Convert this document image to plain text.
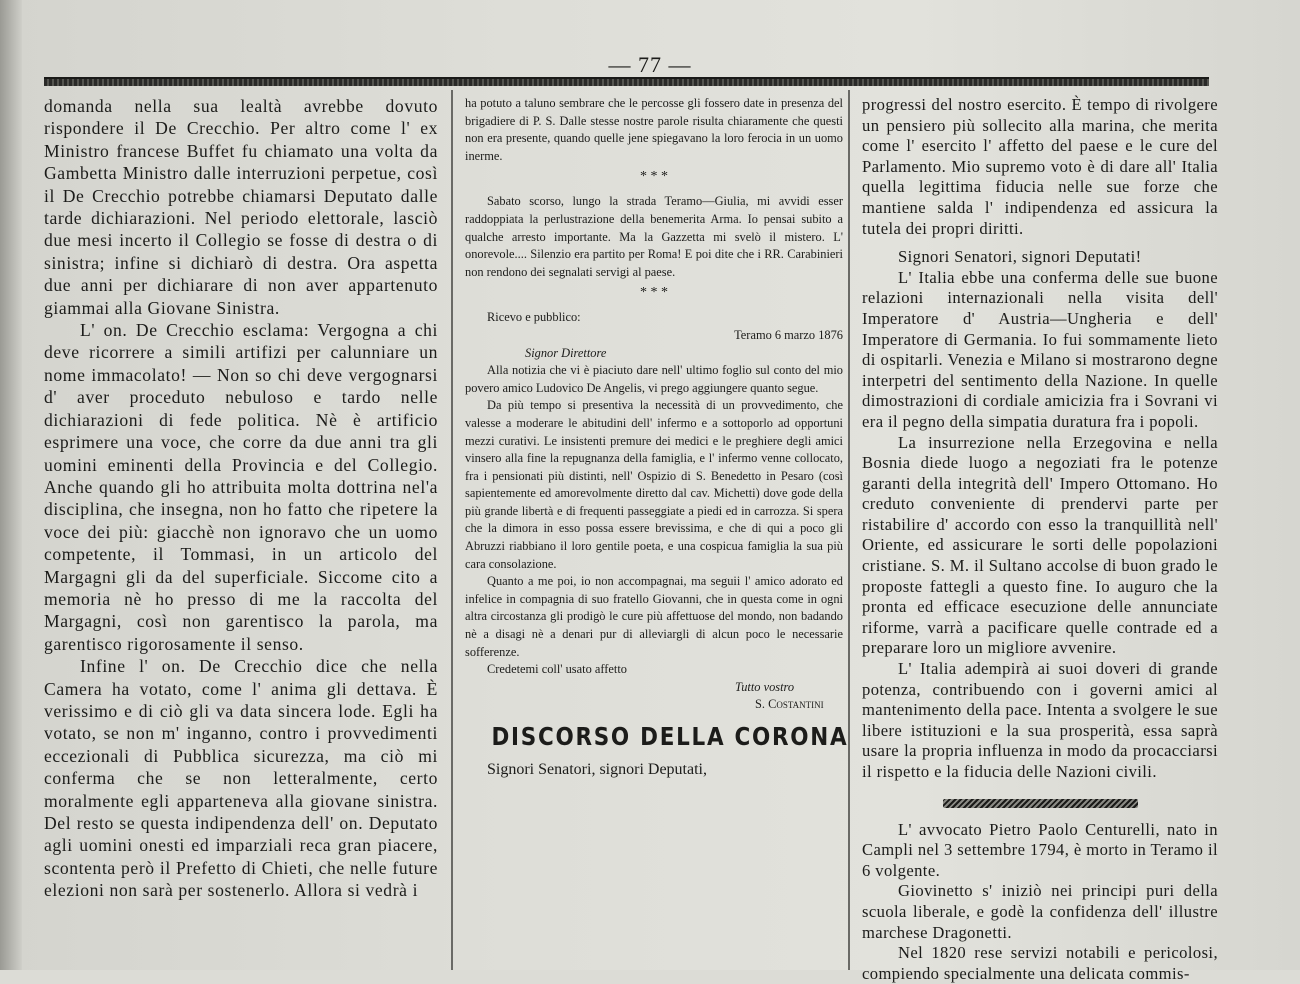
— 77 —

domanda nella sua lealtà avrebbe dovuto rispondere il De Crecchio. Per altro come l' ex Ministro francese Buffet fu chiamato una volta da Gambetta Ministro dalle interruzioni perpetue, così il De Crecchio potrebbe chiamarsi Deputato dalle tarde dichiarazioni. Nel periodo elettorale, lasciò due mesi incerto il Collegio se fosse di destra o di sinistra; infine si dichiarò di destra. Ora aspetta due anni per dichiarare di non aver appartenuto giammai alla Giovane Sinistra.

L' on. De Crecchio esclama: Vergogna a chi deve ricorrere a simili artifizi per calunniare un nome immacolato! — Non so chi deve vergognarsi d' aver proceduto nebuloso e tardo nelle dichiarazioni di fede politica. Nè è artificio esprimere una voce, che corre da due anni tra gli uomini eminenti della Provincia e del Collegio. Anche quando gli ho attribuita molta dottrina nel'a disciplina, che insegna, non ho fatto che ripetere la voce dei più: giacchè non ignoravo che un uomo competente, il Tommasi, in un articolo del Margagni gli da del superficiale. Siccome cito a memoria nè ho presso di me la raccolta del Margagni, così non garentisco la parola, ma garentisco rigorosamente il senso.

Infine l' on. De Crecchio dice che nella Camera ha votato, come l' anima gli dettava. È verissimo e di ciò gli va data sincera lode. Egli ha votato, se non m' inganno, contro i provvedimenti eccezionali di Pubblica sicurezza, ma ciò mi conferma che se non letteralmente, certo moralmente egli apparteneva alla giovane sinistra. Del resto se questa indipendenza dell' on. Deputato agli uomini onesti ed imparziali reca gran piacere, scontenta però il Prefetto di Chieti, che nelle future elezioni non sarà per sostenerlo. Allora si vedrà i

ha potuto a taluno sembrare che le percosse gli fossero date in presenza del brigadiere di P. S. Dalle stesse nostre parole risulta chiaramente che questi non era presente, quando quelle jene spiegavano la loro ferocia in un uomo inerme.

* * *

Sabato scorso, lungo la strada Teramo—Giulia, mi avvidi esser raddoppiata la perlustrazione della benemerita Arma. Io pensai subito a qualche arresto importante. Ma la Gazzetta mi svelò il mistero. L' onorevole.... Silenzio era partito per Roma! E poi dite che i RR. Carabinieri non rendono dei segnalati servigi al paese.

* * *

Ricevo e pubblico:

Teramo 6 marzo 1876

Signor Direttore

Alla notizia che vi è piaciuto dare nell' ultimo foglio sul conto del mio povero amico Ludovico De Angelis, vi prego aggiungere quanto segue.

Da più tempo si presentiva la necessità di un provvedimento, che valesse a moderare le abitudini dell' infermo e a sottoporlo ad opportuni mezzi curativi. Le insistenti premure dei medici e le preghiere degli amici vinsero alla fine la repugnanza della famiglia, e l' infermo venne collocato, fra i pensionati più distinti, nell' Ospizio di S. Benedetto in Pesaro (così sapientemente ed amorevolmente diretto dal cav. Michetti) dove gode della più grande libertà e di frequenti passeggiate a piedi ed in carrozza. Si spera che la dimora in esso possa essere brevissima, e che di qui a poco gli Abruzzi riabbiano il loro gentile poeta, e una cospicua famiglia la sua più cara consolazione.

Quanto a me poi, io non accompagnai, ma seguii l' amico adorato ed infelice in compagnia di suo fratello Giovanni, che in questa come in ogni altra circostanza gli prodigò le cure più affettuose del mondo, non badando nè a disagi nè a denari pur di alleviargli di alcun poco le necessarie sofferenze.

Credetemi coll' usato affetto

Tutto vostro

S. Costantini

DISCORSO DELLA CORONA

Signori Senatori, signori Deputati,

progressi del nostro esercito. È tempo di rivolgere un pensiero più sollecito alla marina, che merita come l' esercito l' affetto del paese e le cure del Parlamento. Mio supremo voto è di dare all' Italia quella legittima fiducia nelle sue forze che mantiene salda l' indipendenza ed assicura la tutela dei propri diritti.

Signori Senatori, signori Deputati!

L' Italia ebbe una conferma delle sue buone relazioni internazionali nella visita dell' Imperatore d' Austria—Ungheria e dell' Imperatore di Germania. Io fui sommamente lieto di ospitarli. Venezia e Milano si mostrarono degne interpetri del sentimento della Nazione. In quelle dimostrazioni di cordiale amicizia fra i Sovrani vi era il pegno della simpatia duratura fra i popoli.

La insurrezione nella Erzegovina e nella Bosnia diede luogo a negoziati fra le potenze garanti della integrità dell' Impero Ottomano. Ho creduto conveniente di prendervi parte per ristabilire d' accordo con esso la tranquillità nell' Oriente, ed assicurare le sorti delle popolazioni cristiane. S. M. il Sultano accolse di buon grado le proposte fattegli a questo fine. Io auguro che la pronta ed efficace esecuzione delle annunciate riforme, varrà a pacificare quelle contrade ed a preparare loro un migliore avvenire.

L' Italia adempirà ai suoi doveri di grande potenza, contribuendo con i governi amici al mantenimento della pace. Intenta a svolgere le sue libere istituzioni e la sua prosperità, essa saprà usare la propria influenza in modo da procacciarsi il rispetto e la fiducia delle Nazioni civili.

L' avvocato Pietro Paolo Centurelli, nato in Campli nel 3 settembre 1794, è morto in Teramo il 6 volgente.

Giovinetto s' iniziò nei principi puri della scuola liberale, e godè la confidenza dell' illustre marchese Dragonetti.

Nel 1820 rese servizi notabili e pericolosi, compiendo specialmente una delicata commis-
